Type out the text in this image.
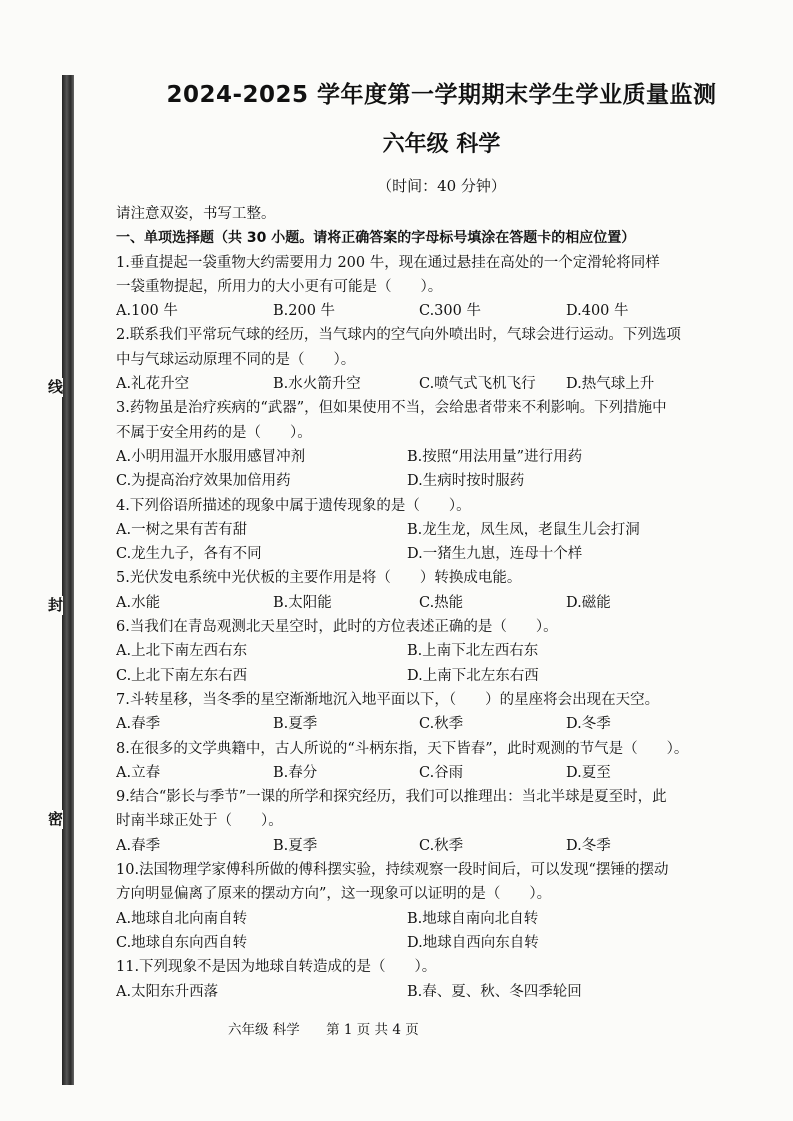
线
封
密
2024-2025 学年度第一学期期末学生学业质量监测
六年级 科学
（时间：40 分钟）
请注意双姿，书写工整。
一、单项选择题（共 30 小题。请将正确答案的字母标号填涂在答题卡的相应位置）
1.垂直提起一袋重物大约需要用力 200 牛，现在通过悬挂在高处的一个定滑轮将同样
一袋重物提起，所用力的大小更有可能是（　　）。
A.100 牛	B.200 牛	C.300 牛	D.400 牛
2.联系我们平常玩气球的经历，当气球内的空气向外喷出时，气球会进行运动。下列选项
中与气球运动原理不同的是（　　）。
A.礼花升空	B.水火箭升空	C.喷气式飞机飞行	D.热气球上升
3.药物虽是治疗疾病的“武器”，但如果使用不当，会给患者带来不利影响。下列措施中
不属于安全用药的是（　　）。
A.小明用温开水服用感冒冲剂	B.按照“用法用量”进行用药
C.为提高治疗效果加倍用药	D.生病时按时服药
4.下列俗语所描述的现象中属于遗传现象的是（　　）。
A.一树之果有苦有甜	B.龙生龙，凤生凤，老鼠生儿会打洞
C.龙生九子，各有不同	D.一猪生九崽，连母十个样
5.光伏发电系统中光伏板的主要作用是将（　　）转换成电能。
A.水能	B.太阳能	C.热能	D.磁能
6.当我们在青岛观测北天星空时，此时的方位表述正确的是（　　）。
A.上北下南左西右东	B.上南下北左西右东
C.上北下南左东右西	D.上南下北左东右西
7.斗转星移，当冬季的星空渐渐地沉入地平面以下，（　　）的星座将会出现在天空。
A.春季	B.夏季	C.秋季	D.冬季
8.在很多的文学典籍中，古人所说的“斗柄东指，天下皆春”，此时观测的节气是（　　）。
A.立春	B.春分	C.谷雨	D.夏至
9.结合“影长与季节”一课的所学和探究经历，我们可以推理出：当北半球是夏至时，此
时南半球正处于（　　）。
A.春季	B.夏季	C.秋季	D.冬季
10.法国物理学家傅科所做的傅科摆实验，持续观察一段时间后，可以发现“摆锤的摆动
方向明显偏离了原来的摆动方向”，这一现象可以证明的是（　　）。
A.地球自北向南自转	B.地球自南向北自转
C.地球自东向西自转	D.地球自西向东自转
11.下列现象不是因为地球自转造成的是（　　）。
A.太阳东升西落	B.春、夏、秋、冬四季轮回
六年级 科学 第 1 页 共 4 页
